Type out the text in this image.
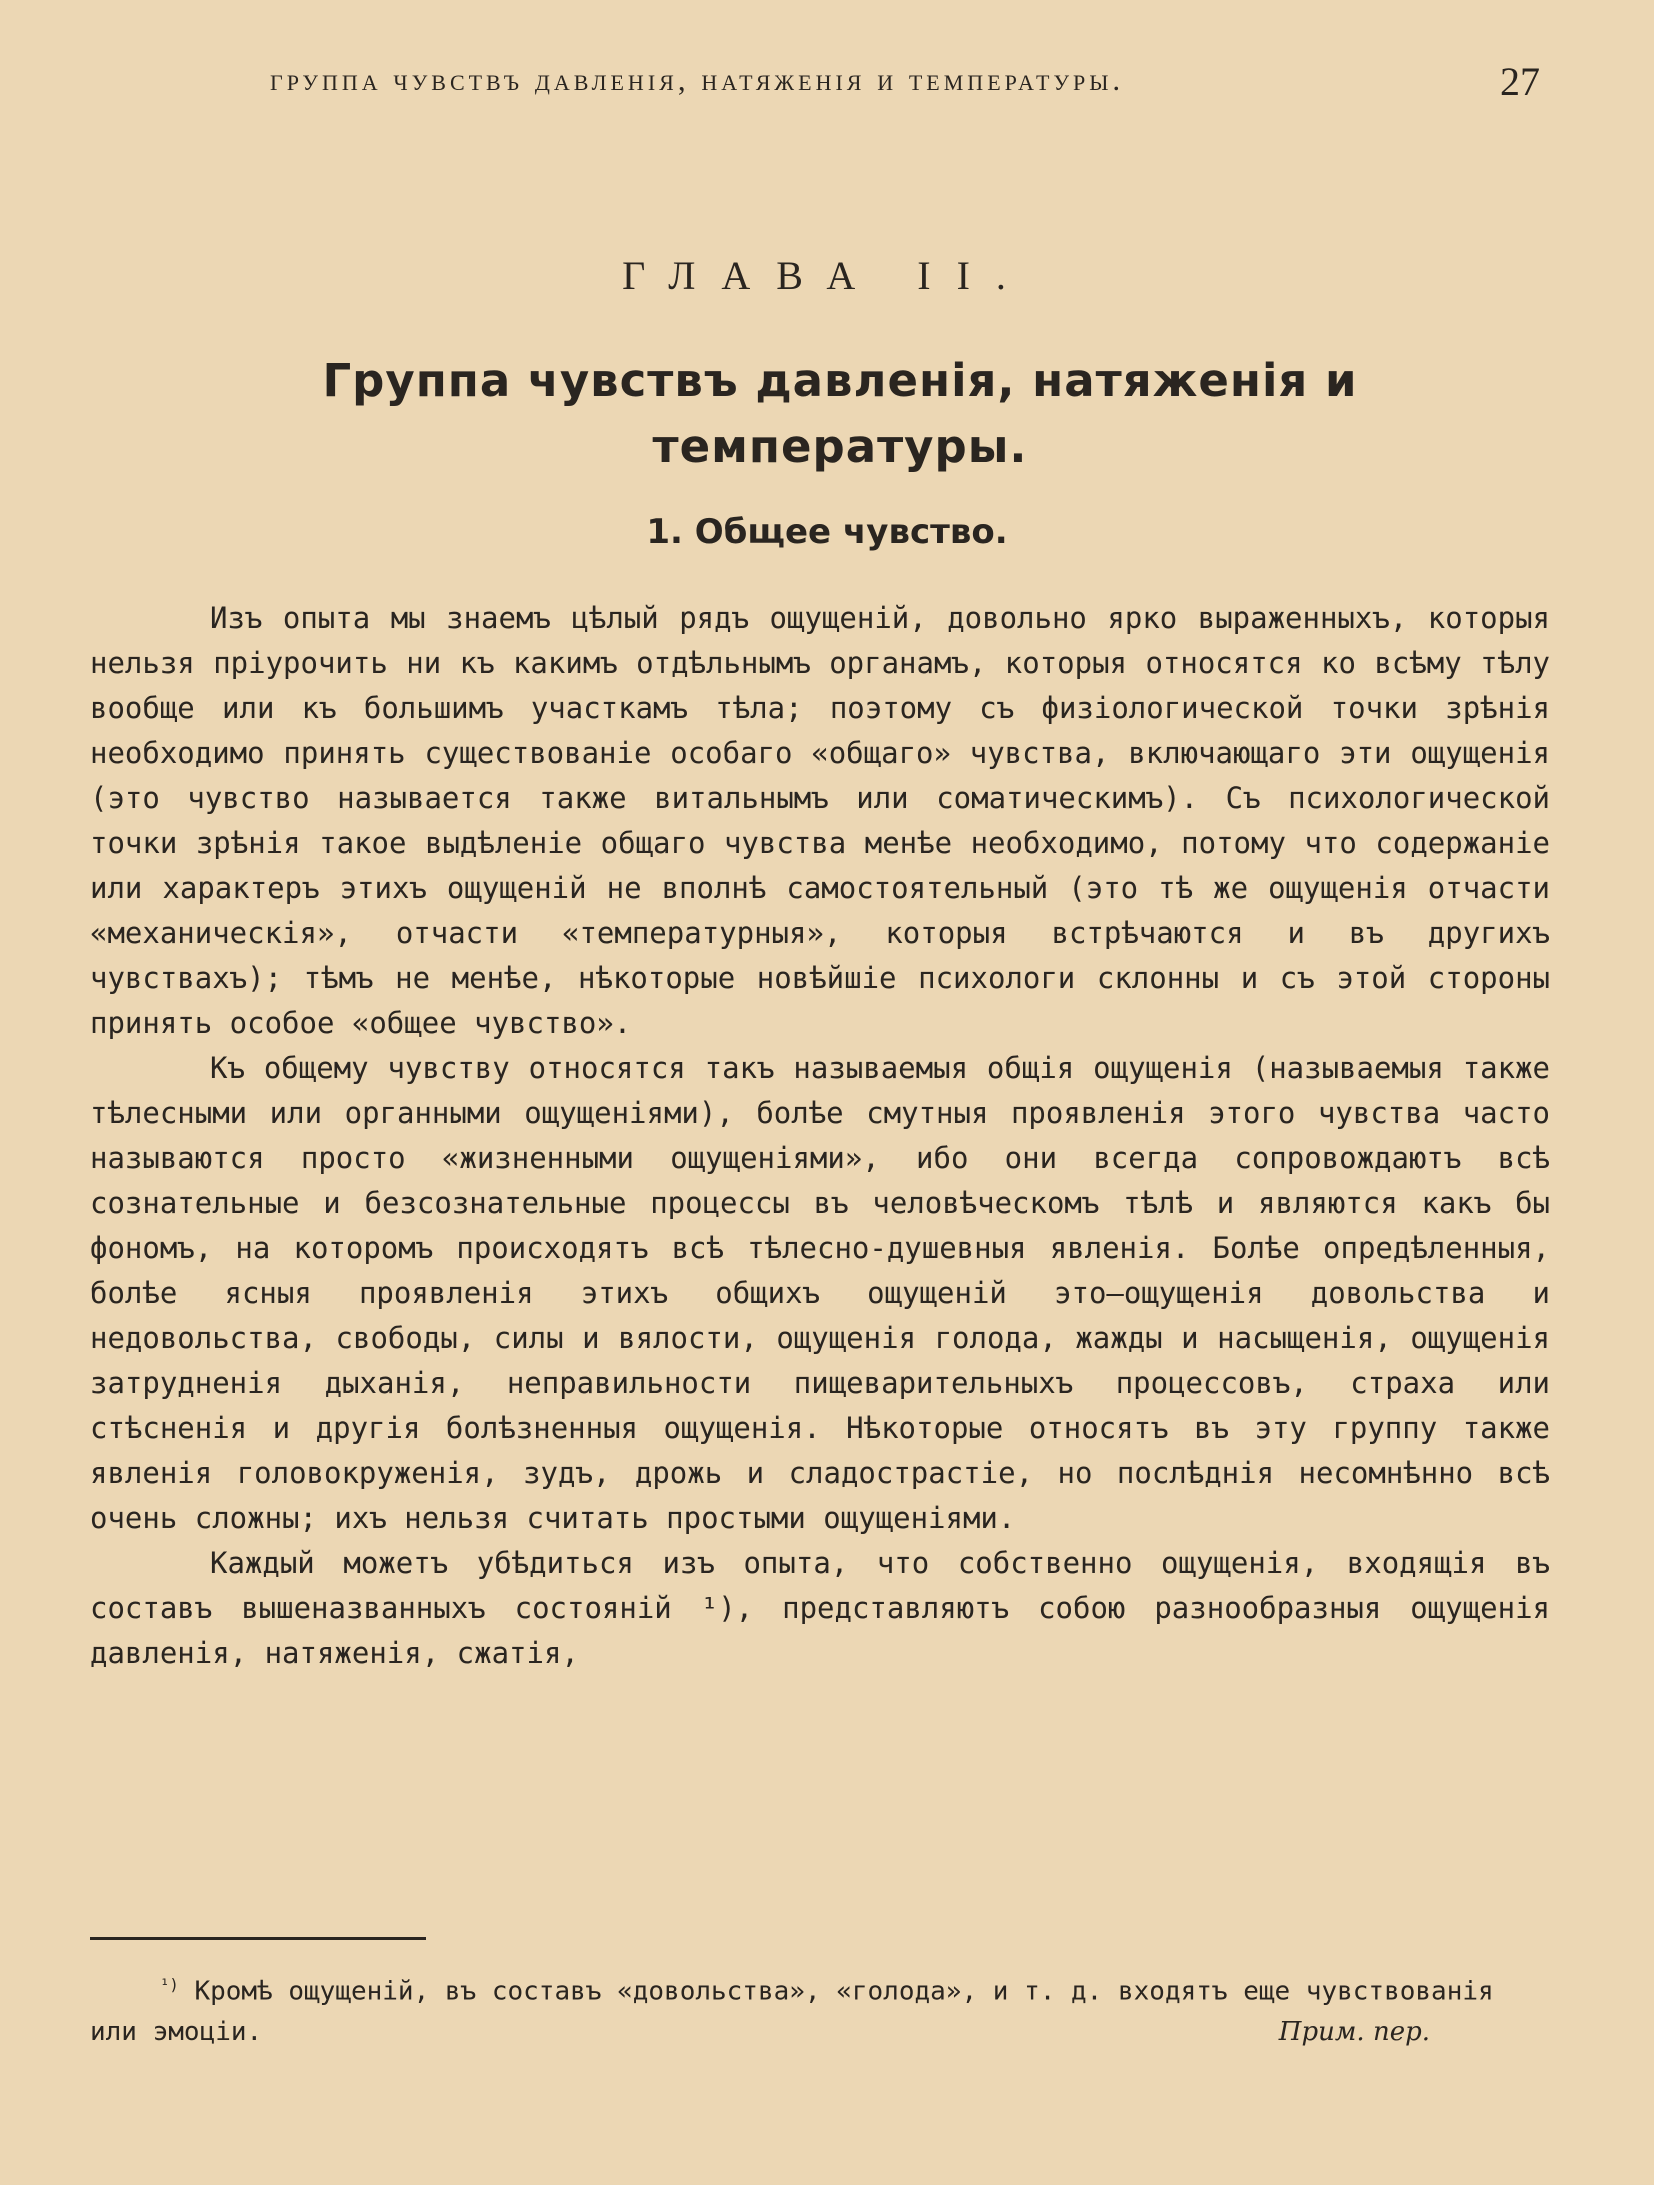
группа чувствъ давленія, натяженія и температуры.	27
ГЛАВА II.
Группа чувствъ давленія, натяженія и температуры.
1. Общее чувство.

Изъ опыта мы знаемъ цѣлый рядъ ощущеній, довольно ярко выраженныхъ, которыя нельзя пріурочить ни къ какимъ отдѣльнымъ органамъ, которыя относятся ко всѣму тѣлу вообще или къ большимъ участкамъ тѣла; поэтому съ физіологической точки зрѣнія необходимо принять существованіе особаго «общаго» чувства, включающаго эти ощущенія (это чувство называется также витальнымъ или соматическимъ). Съ психологической точки зрѣнія такое выдѣленіе общаго чувства менѣе необходимо, потому что содержаніе или характеръ этихъ ощущеній не вполнѣ самостоятельный (это тѣ же ощущенія отчасти «механическія», отчасти «температурныя», которыя встрѣчаются и въ другихъ чувствахъ); тѣмъ не менѣе, нѣкоторые новѣйшіе психологи склонны и съ этой стороны принять особое «общее чувство».

Къ общему чувству относятся такъ называемыя общія ощущенія (называемыя также тѣлесными или органными ощущеніями), болѣе смутныя проявленія этого чувства часто называются просто «жизненными ощущеніями», ибо они всегда сопровождаютъ всѣ сознательные и безсознательные процессы въ человѣческомъ тѣлѣ и являются какъ бы фономъ, на которомъ происходятъ всѣ тѣлесно-душевныя явленія. Болѣе опредѣленныя, болѣе ясныя проявленія этихъ общихъ ощущеній это—ощущенія довольства и недовольства, свободы, силы и вялости, ощущенія голода, жажды и насыщенія, ощущенія затрудненія дыханія, неправильности пищеварительныхъ процессовъ, страха или стѣсненія и другія болѣзненныя ощущенія. Нѣкоторые относятъ въ эту группу также явленія головокруженія, зудъ, дрожь и сладострастіе, но послѣднія несомнѣнно всѣ очень сложны; ихъ нельзя считать простыми ощущеніями.

Каждый можетъ убѣдиться изъ опыта, что собственно ощущенія, входящія въ составъ вышеназванныхъ состояній ¹), представляютъ собою разнообразныя ощущенія давленія, натяженія, сжатія,

$^{^1)}$ Кромѣ ощущеній, въ составъ «довольства», «голода», и т. д. входятъ еще чувствованія или эмоціи.	Прим. пер.
